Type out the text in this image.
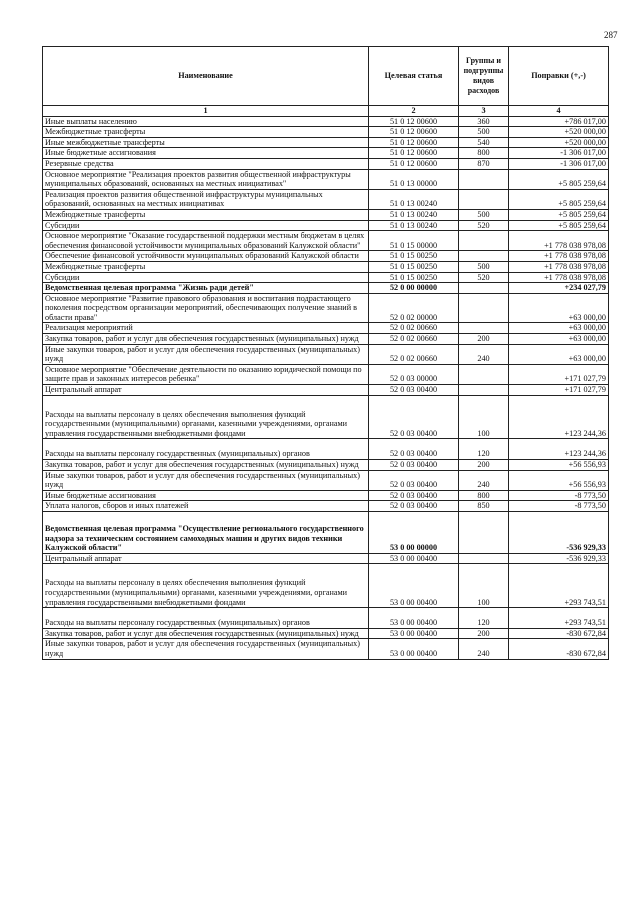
287
Наименование	Целевая статья	Группы и подгруппы видов расходов	Поправки (+,-)
1	2	3	4
Иные выплаты населению	51 0 12 00600	360	+786 017,00
Межбюджетные трансферты	51 0 12 00600	500	+520 000,00
Иные межбюджетные трансферты	51 0 12 00600	540	+520 000,00
Иные бюджетные ассигнования	51 0 12 00600	800	-1 306 017,00
Резервные средства	51 0 12 00600	870	-1 306 017,00
Основное мероприятие "Реализация проектов развития общественной инфраструктуры муниципальных образований, основанных на местных инициативах"	51 0 13 00000		+5 805 259,64
Реализация проектов развития общественной инфраструктуры муниципальных образований, основанных на местных инициативах	51 0 13 00240		+5 805 259,64
Межбюджетные трансферты	51 0 13 00240	500	+5 805 259,64
Субсидии	51 0 13 00240	520	+5 805 259,64
Основное мероприятие "Оказание государственной поддержки местным бюджетам в целях обеспечения финансовой устойчивости муниципальных образований Калужской области"	51 0 15 00000		+1 778 038 978,08
Обеспечение финансовой устойчивости муниципальных образований Калужской области	51 0 15 00250		+1 778 038 978,08
Межбюджетные трансферты	51 0 15 00250	500	+1 778 038 978,08
Субсидии	51 0 15 00250	520	+1 778 038 978,08
Ведомственная целевая программа "Жизнь ради детей"	52 0 00 00000		+234 027,79
Основное мероприятие "Развитие правового образования и воспитания подрастающего поколения посредством организации мероприятий, обеспечивающих получение знаний в области права"	52 0 02 00000		+63 000,00
Реализация мероприятий	52 0 02 00660		+63 000,00
Закупка товаров, работ и услуг для обеспечения государственных (муниципальных) нужд	52 0 02 00660	200	+63 000,00
Иные закупки товаров, работ и услуг для обеспечения государственных (муниципальных) нужд	52 0 02 00660	240	+63 000,00
Основное мероприятие "Обеспечение деятельности по оказанию юридической помощи по защите прав и законных интересов ребенка"	52 0 03 00000		+171 027,79
Центральный аппарат	52 0 03 00400		+171 027,79
Расходы на выплаты персоналу в целях обеспечения выполнения функций государственными (муниципальными) органами, казенными учреждениями, органами управления государственными внебюджетными фондами	52 0 03 00400	100	+123 244,36
Расходы на выплаты персоналу государственных (муниципальных) органов	52 0 03 00400	120	+123 244,36
Закупка товаров, работ и услуг для обеспечения государственных (муниципальных) нужд	52 0 03 00400	200	+56 556,93
Иные закупки товаров, работ и услуг для обеспечения государственных (муниципальных) нужд	52 0 03 00400	240	+56 556,93
Иные бюджетные ассигнования	52 0 03 00400	800	-8 773,50
Уплата налогов, сборов и иных платежей	52 0 03 00400	850	-8 773,50
Ведомственная целевая программа "Осуществление регионального государственного надзора за техническим состоянием самоходных машин и других видов техники Калужской области"	53 0 00 00000		-536 929,33
Центральный аппарат	53 0 00 00400		-536 929,33
Расходы на выплаты персоналу в целях обеспечения выполнения функций государственными (муниципальными) органами, казенными учреждениями, органами управления государственными внебюджетными фондами	53 0 00 00400	100	+293 743,51
Расходы на выплаты персоналу государственных (муниципальных) органов	53 0 00 00400	120	+293 743,51
Закупка товаров, работ и услуг для обеспечения государственных (муниципальных) нужд	53 0 00 00400	200	-830 672,84
Иные закупки товаров, работ и услуг для обеспечения государственных (муниципальных) нужд	53 0 00 00400	240	-830 672,84
